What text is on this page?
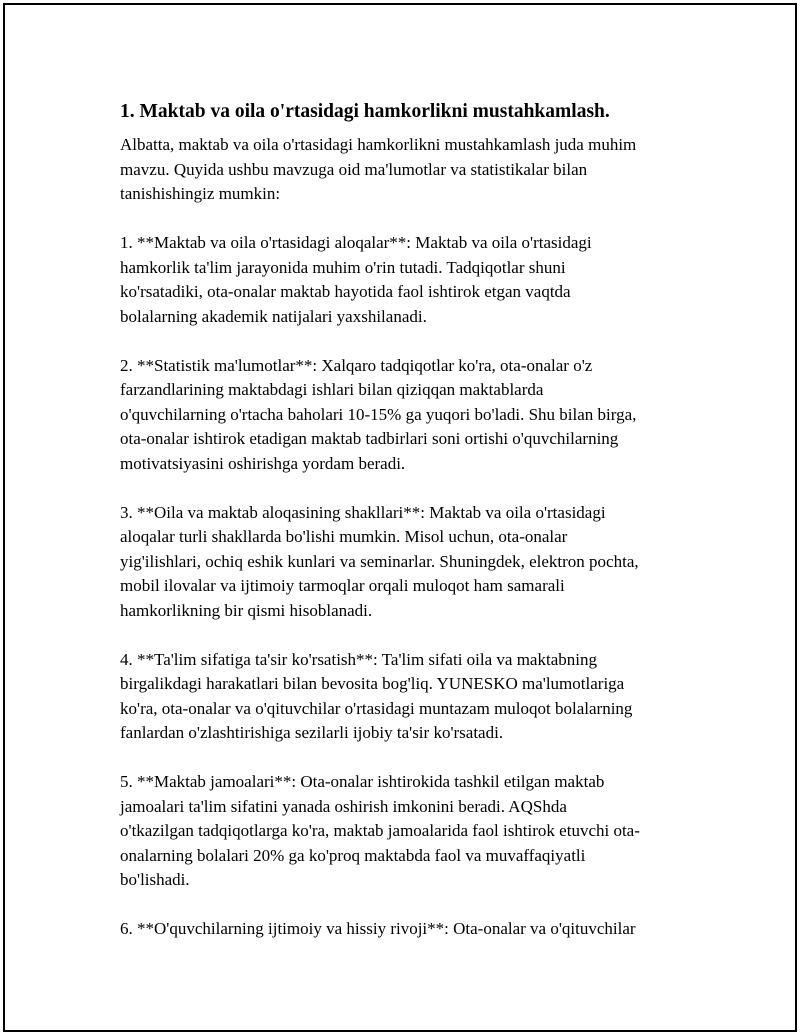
1. Maktab va oila o'rtasidagi hamkorlikni mustahkamlash.
Albatta, maktab va oila o'rtasidagi hamkorlikni mustahkamlash juda muhim
mavzu. Quyida ushbu mavzuga oid ma'lumotlar va statistikalar bilan
tanishishingiz mumkin:
1. **Maktab va oila o'rtasidagi aloqalar**: Maktab va oila o'rtasidagi
hamkorlik ta'lim jarayonida muhim o'rin tutadi. Tadqiqotlar shuni
ko'rsatadiki, ota-onalar maktab hayotida faol ishtirok etgan vaqtda
bolalarning akademik natijalari yaxshilanadi.
2. **Statistik ma'lumotlar**: Xalqaro tadqiqotlar ko'ra, ota-onalar o'z
farzandlarining maktabdagi ishlari bilan qiziqqan maktablarda
o'quvchilarning o'rtacha baholari 10-15% ga yuqori bo'ladi. Shu bilan birga,
ota-onalar ishtirok etadigan maktab tadbirlari soni ortishi o'quvchilarning
motivatsiyasini oshirishga yordam beradi.
3. **Oila va maktab aloqasining shakllari**: Maktab va oila o'rtasidagi
aloqalar turli shakllarda bo'lishi mumkin. Misol uchun, ota-onalar
yig'ilishlari, ochiq eshik kunlari va seminarlar. Shuningdek, elektron pochta,
mobil ilovalar va ijtimoiy tarmoqlar orqali muloqot ham samarali
hamkorlikning bir qismi hisoblanadi.
4. **Ta'lim sifatiga ta'sir ko'rsatish**: Ta'lim sifati oila va maktabning
birgalikdagi harakatlari bilan bevosita bog'liq. YUNESKO ma'lumotlariga
ko'ra, ota-onalar va o'qituvchilar o'rtasidagi muntazam muloqot bolalarning
fanlardan o'zlashtirishiga sezilarli ijobiy ta'sir ko'rsatadi.
5. **Maktab jamoalari**: Ota-onalar ishtirokida tashkil etilgan maktab
jamoalari ta'lim sifatini yanada oshirish imkonini beradi. AQShda
o'tkazilgan tadqiqotlarga ko'ra, maktab jamoalarida faol ishtirok etuvchi ota-
onalarning bolalari 20% ga ko'proq maktabda faol va muvaffaqiyatli
bo'lishadi.
6. **O'quvchilarning ijtimoiy va hissiy rivoji**: Ota-onalar va o'qituvchilar
